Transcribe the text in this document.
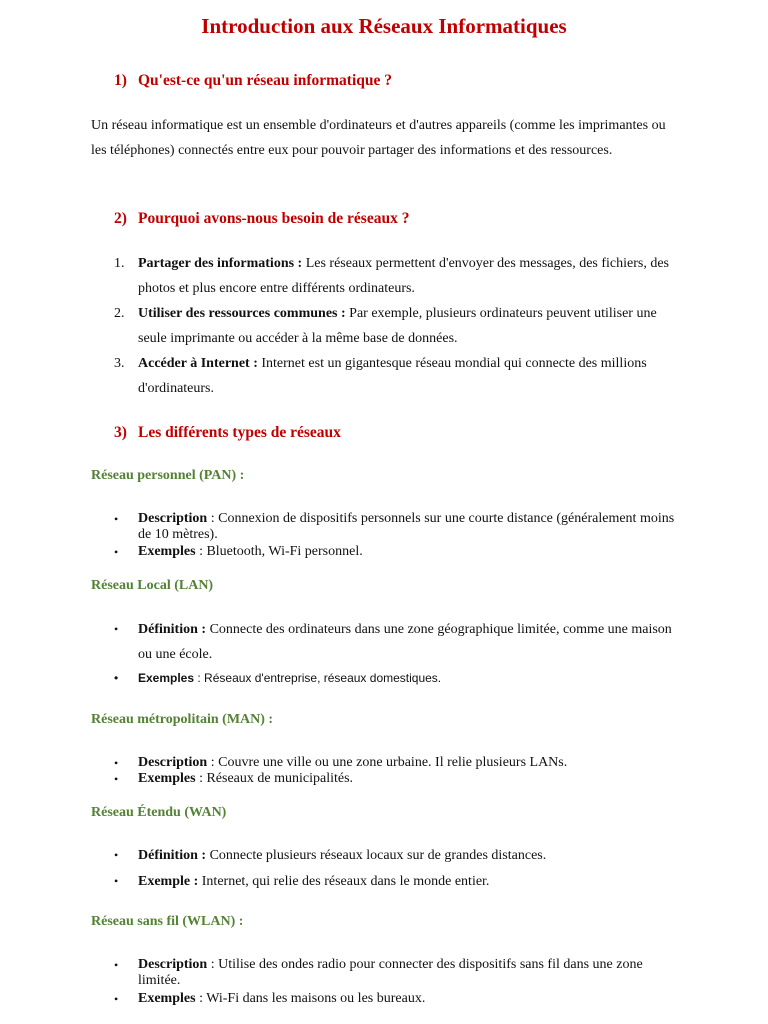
Introduction aux Réseaux Informatiques
1) Qu'est-ce qu'un réseau informatique ?
Un réseau informatique est un ensemble d'ordinateurs et d'autres appareils (comme les imprimantes ou les téléphones) connectés entre eux pour pouvoir partager des informations et des ressources.
2) Pourquoi avons-nous besoin de réseaux ?
1. Partager des informations : Les réseaux permettent d'envoyer des messages, des fichiers, des photos et plus encore entre différents ordinateurs.
2. Utiliser des ressources communes : Par exemple, plusieurs ordinateurs peuvent utiliser une seule imprimante ou accéder à la même base de données.
3. Accéder à Internet : Internet est un gigantesque réseau mondial qui connecte des millions d'ordinateurs.
3) Les différents types de réseaux
Réseau personnel (PAN) :
•	Description : Connexion de dispositifs personnels sur une courte distance (généralement moins de 10 mètres).
•	Exemples : Bluetooth, Wi-Fi personnel.
Réseau Local (LAN)
•	Définition : Connecte des ordinateurs dans une zone géographique limitée, comme une maison ou une école.
•	Exemples : Réseaux d'entreprise, réseaux domestiques.
Réseau métropolitain (MAN) :
•	Description : Couvre une ville ou une zone urbaine. Il relie plusieurs LANs.
•	Exemples : Réseaux de municipalités.
Réseau Étendu (WAN)
•	Définition : Connecte plusieurs réseaux locaux sur de grandes distances.
•	Exemple : Internet, qui relie des réseaux dans le monde entier.
Réseau sans fil (WLAN) :
•	Description : Utilise des ondes radio pour connecter des dispositifs sans fil dans une zone limitée.
•	Exemples : Wi-Fi dans les maisons ou les bureaux.
